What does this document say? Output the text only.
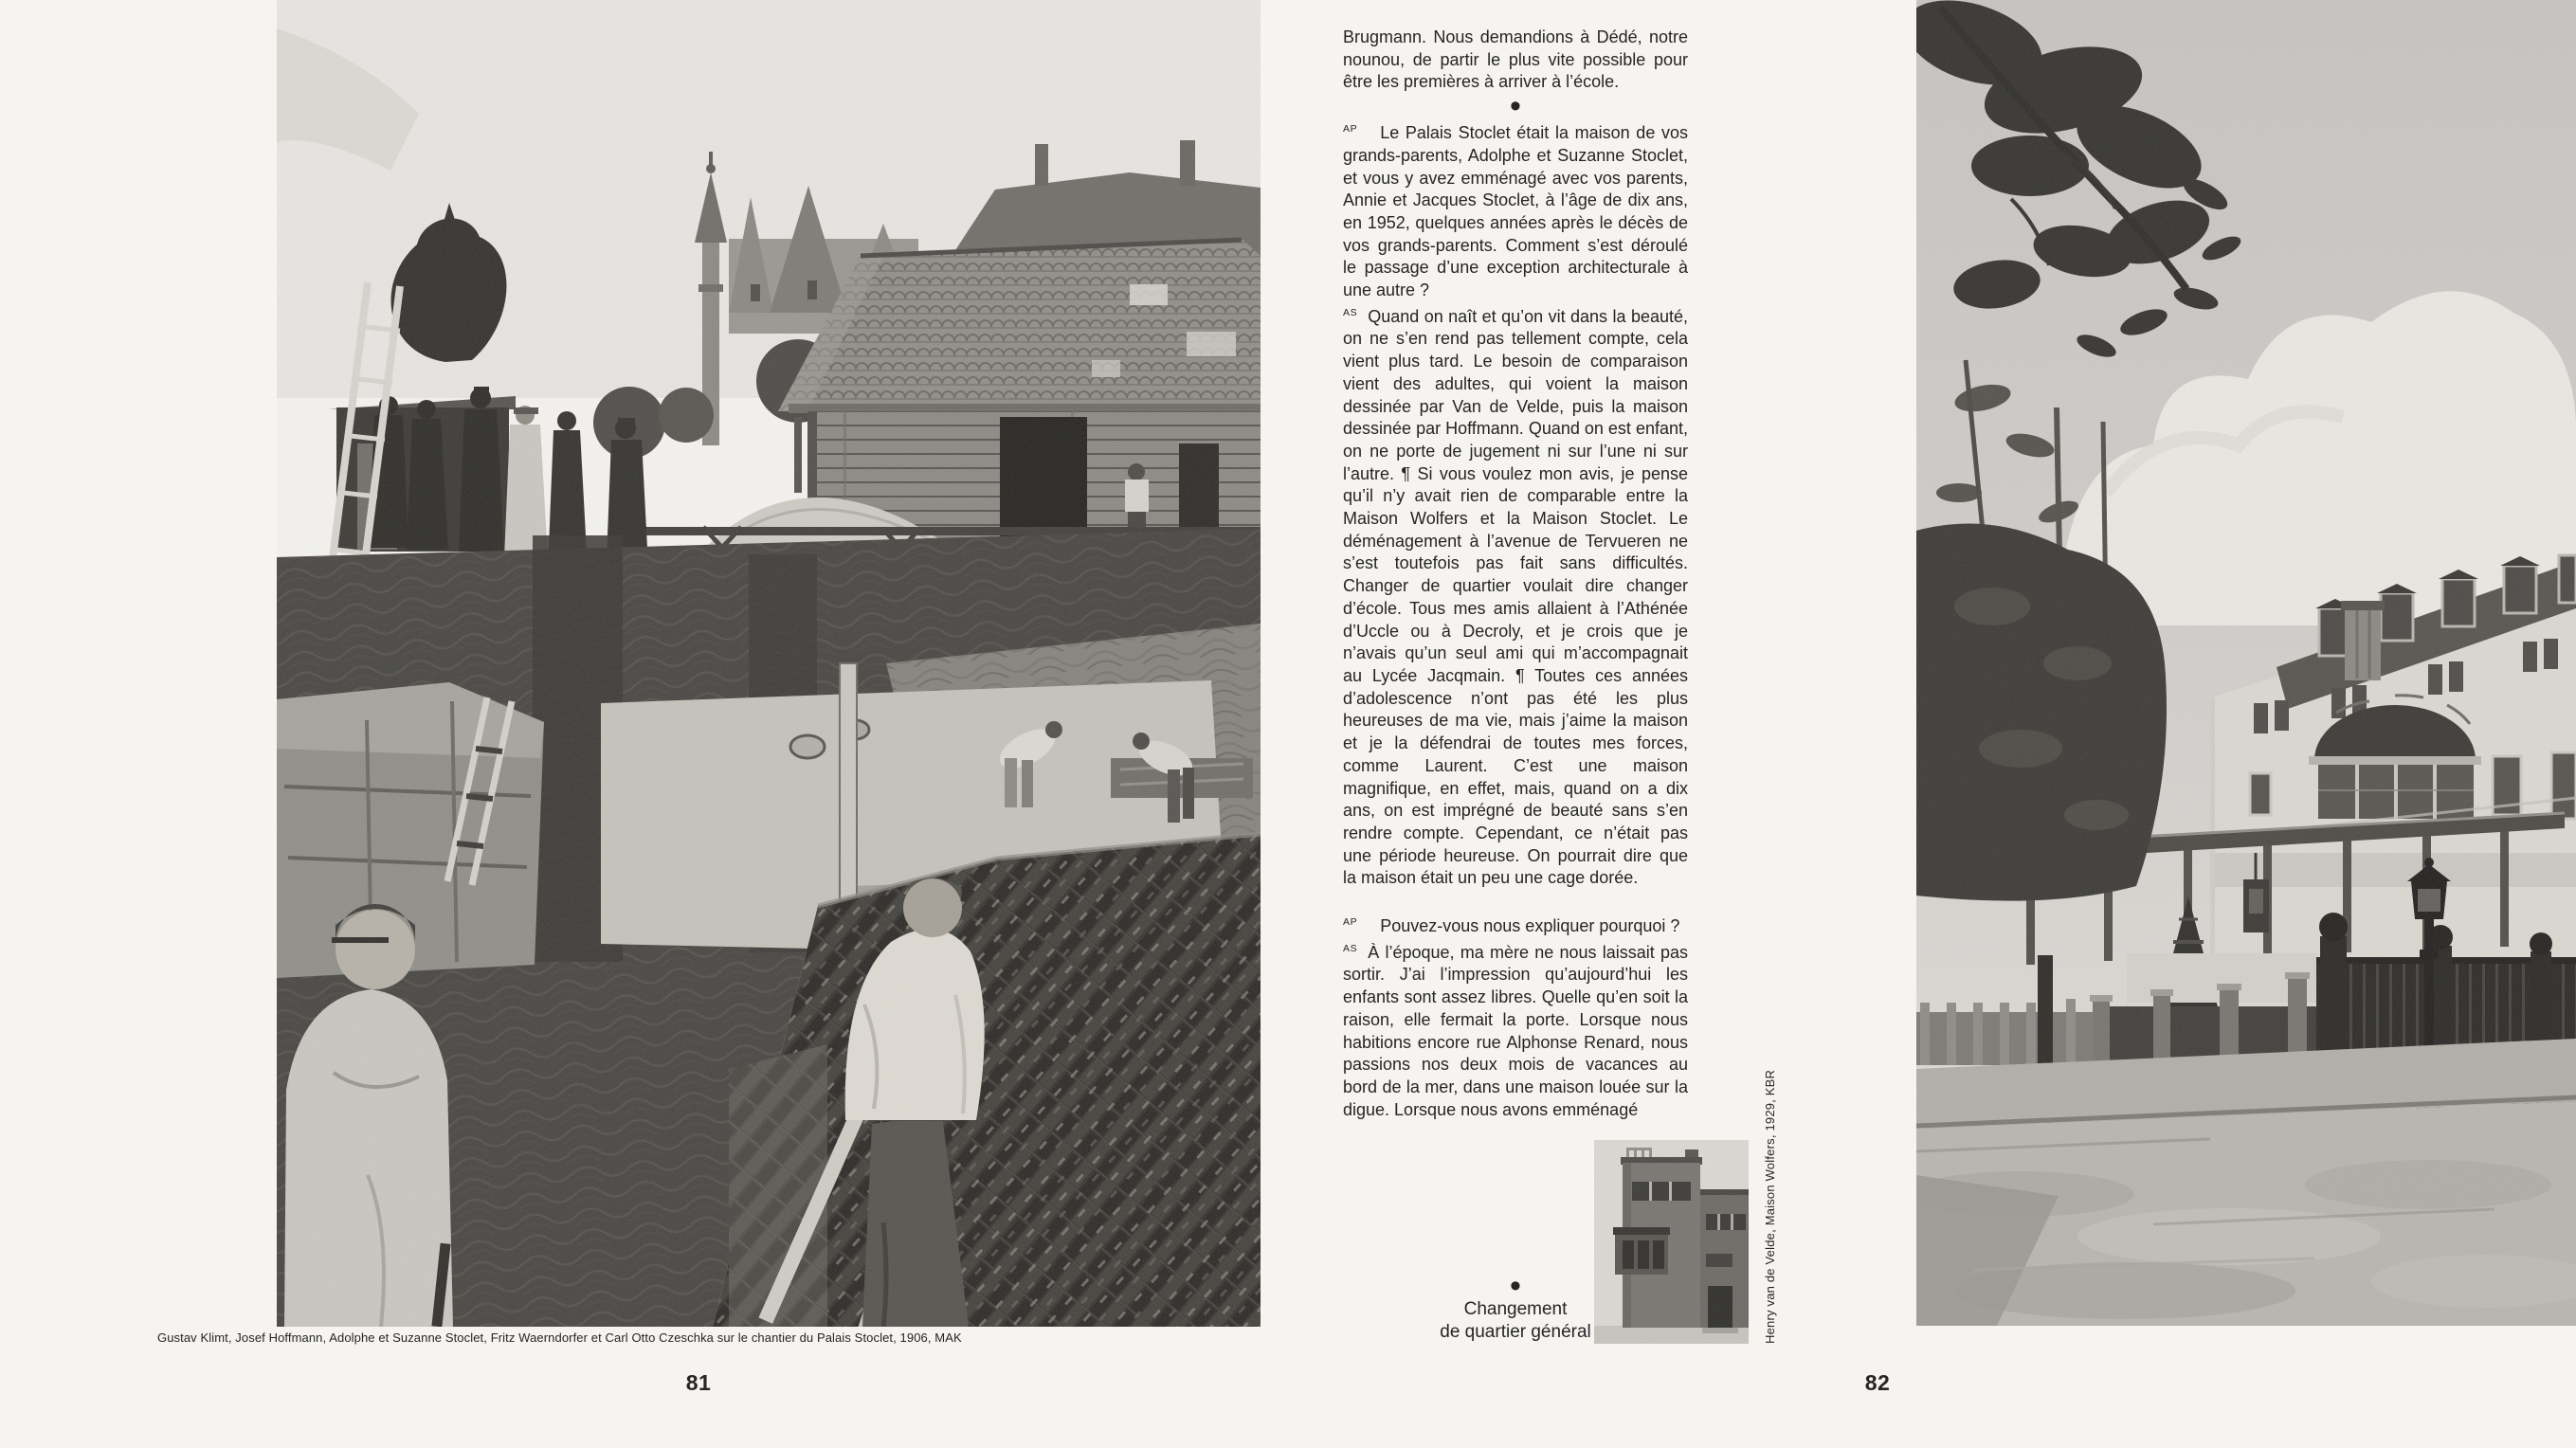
Gustav Klimt, Josef Hoffmann, Adolphe et Suzanne Stoclet, Fritz Waerndorfer et Carl Otto Czeschka sur le chantier du Palais Stoclet, 1906, MAK
81

Brugmann. Nous demandions à Dédé, notre nounou, de partir le plus vite possible pour être les premières à arriver à l’école.

•

$^{AP}$ Le Palais Stoclet était la maison de vos grands-parents, Adolphe et Suzanne Stoclet, et vous y avez emménagé avec vos parents, Annie et Jacques Stoclet, à l’âge de dix ans, en 1952, quelques années après le décès de vos grands-parents. Comment s’est déroulé le passage d’une exception architecturale à une autre ?

$^{AS}$ Quand on naît et qu’on vit dans la beauté, on ne s’en rend pas tellement compte, cela vient plus tard. Le besoin de comparaison vient des adultes, qui voient la maison dessinée par Van de Velde, puis la maison dessinée par Hoffmann. Quand on est enfant, on ne porte de jugement ni sur l’une ni sur l’autre. ¶ Si vous voulez mon avis, je pense qu’il n’y avait rien de comparable entre la Maison Wolfers et la Maison Stoclet. Le déménagement à l’avenue de Tervueren ne s’est toutefois pas fait sans difficultés. Changer de quartier voulait dire changer d’école. Tous mes amis allaient à l’Athénée d’Uccle ou à Decroly, et je crois que je n’avais qu’un seul ami qui m’accompagnait au Lycée Jacqmain. ¶ Toutes ces années d’adolescence n’ont pas été les plus heureuses de ma vie, mais j’aime la maison et je la défendrai de toutes mes forces, comme Laurent. C’est une maison magnifique, en effet, mais, quand on a dix ans, on est imprégné de beauté sans s’en rendre compte. Cependant, ce n’était pas une période heureuse. On pourrait dire que la maison était un peu une cage dorée.

$^{AP}$ Pouvez-vous nous expliquer pourquoi ?

$^{AS}$ À l’époque, ma mère ne nous laissait pas sortir. J’ai l’impression qu’aujourd’hui les enfants sont assez libres. Quelle qu’en soit la raison, elle fermait la porte. Lorsque nous habitions encore rue Alphonse Renard, nous passions nos deux mois de vacances au bord de la mer, dans une maison louée sur la digue. Lorsque nous avons emménagé

•
Changement
de quartier général	Henry van de Velde, Maison Wolfers, 1929, KBR
82
